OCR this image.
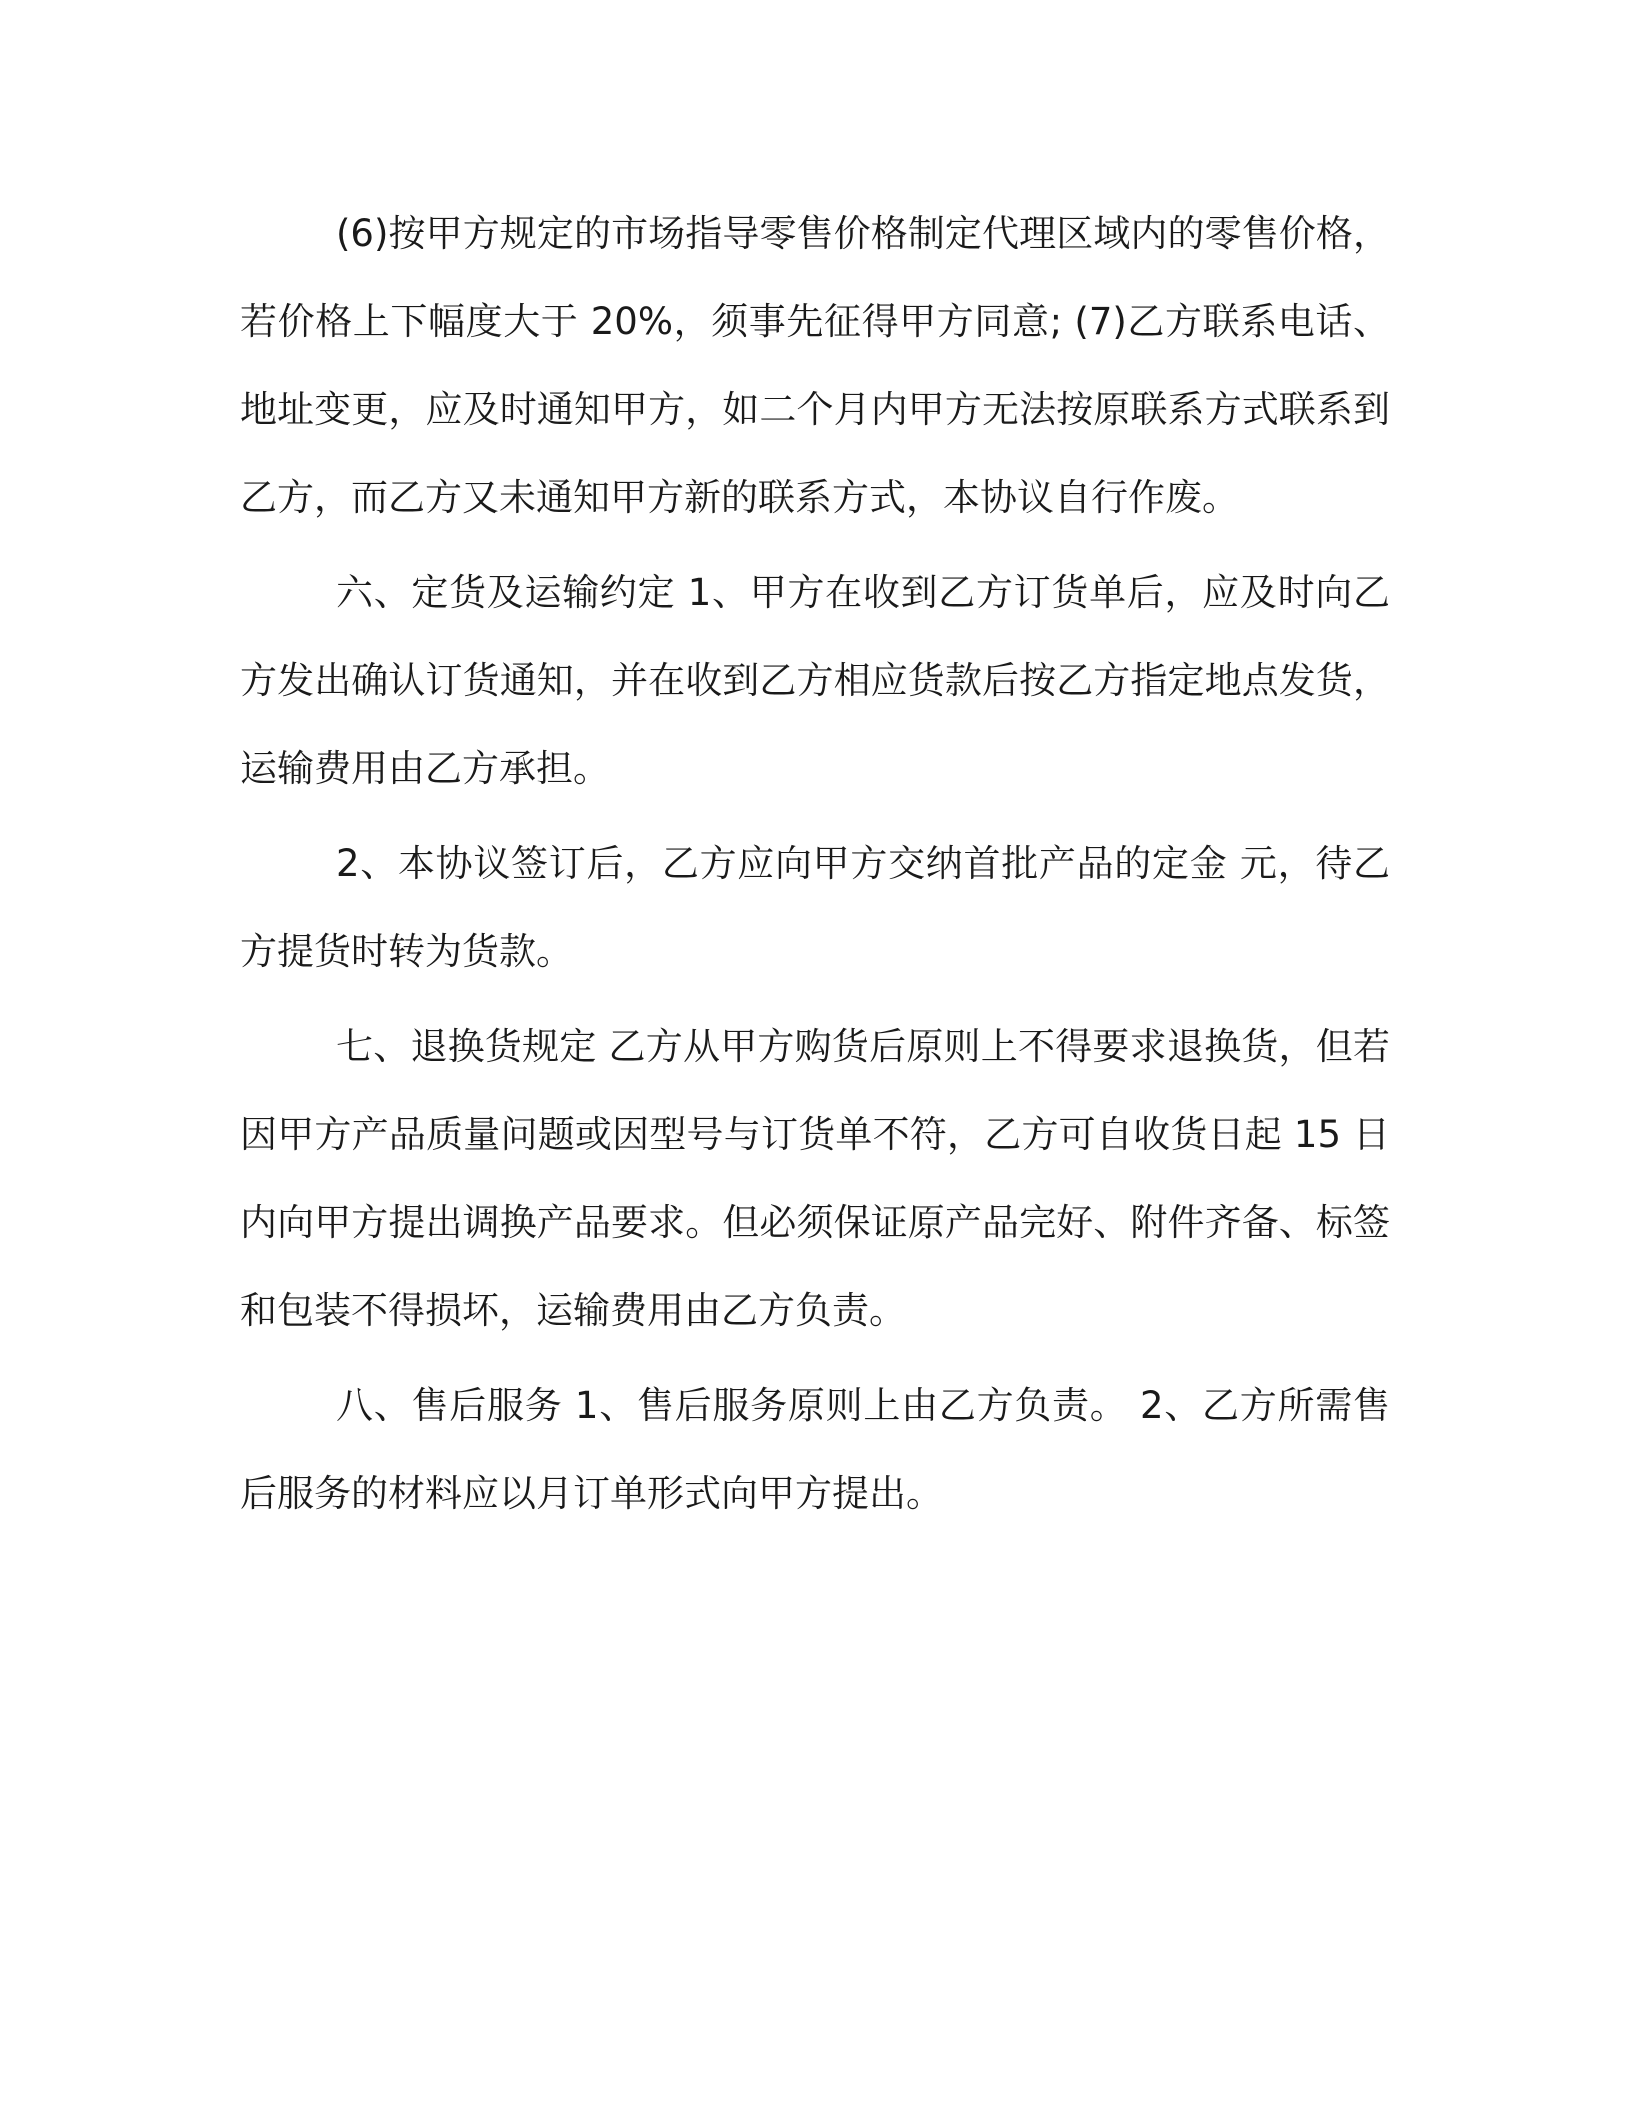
(6)按甲方规定的市场指导零售价格制定代理区域内的零售价格，若价格上下幅度大于 20%，须事先征得甲方同意; (7)乙方联系电话、地址变更，应及时通知甲方，如二个月内甲方无法按原联系方式联系到乙方，而乙方又未通知甲方新的联系方式，本协议自行作废。

六、定货及运输约定 1、甲方在收到乙方订货单后，应及时向乙方发出确认订货通知，并在收到乙方相应货款后按乙方指定地点发货，运输费用由乙方承担。

2、本协议签订后，乙方应向甲方交纳首批产品的定金 元，待乙方提货时转为货款。

七、退换货规定 乙方从甲方购货后原则上不得要求退换货，但若因甲方产品质量问题或因型号与订货单不符，乙方可自收货日起 15 日内向甲方提出调换产品要求。但必须保证原产品完好、附件齐备、标签和包装不得损坏，运输费用由乙方负责。

八、售后服务 1、售后服务原则上由乙方负责。 2、乙方所需售后服务的材料应以月订单形式向甲方提出。
